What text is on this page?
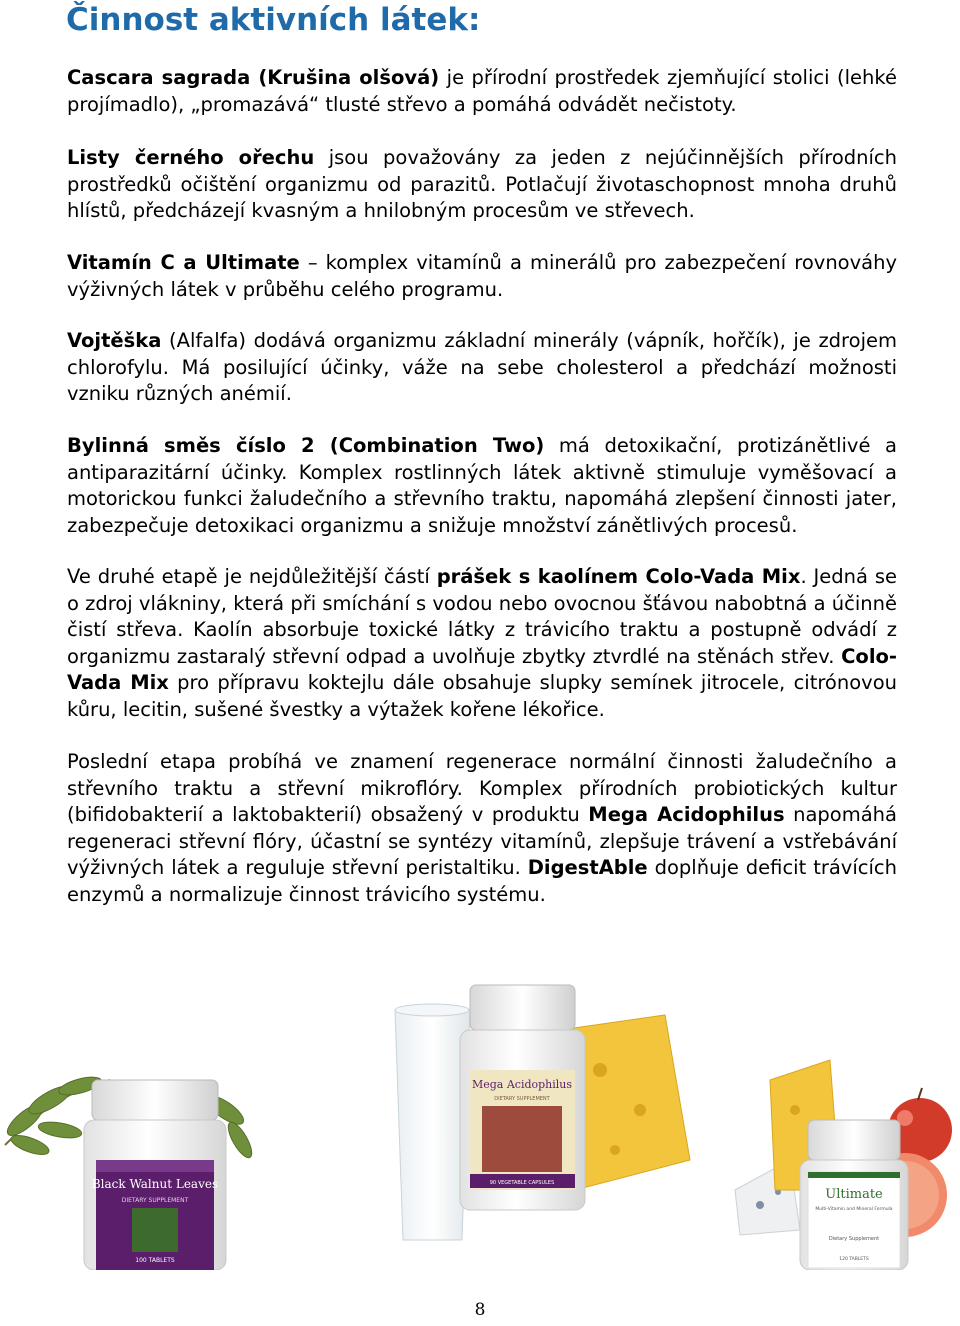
Činnost aktivních látek:

Cascara sagrada (Krušina olšová) je přírodní prostředek zjemňující stolici (lehké projímadlo), „promazává“ tlusté střevo a pomáhá odvádět nečistoty.

Listy černého ořechu jsou považovány za jeden z nejúčinnějších přírodních prostředků očištění organizmu od parazitů. Potlačují životaschopnost mnoha druhů hlístů, předcházejí kvasným a hnilobným procesům ve střevech.

Vitamín C a Ultimate – komplex vitamínů a minerálů pro zabezpečení rovnováhy výživných látek v průběhu celého programu.

Vojtěška (Alfalfa) dodává organizmu základní minerály (vápník, hořčík), je zdrojem chlorofylu. Má posilující účinky, váže na sebe cholesterol a předchází možnosti vzniku různých anémií.

Bylinná směs číslo 2 (Combination Two) má detoxikační, protizánětlivé a antiparazitární účinky. Komplex rostlinných látek aktivně stimuluje vyměšovací a motorickou funkci žaludečního a střevního traktu, napomáhá zlepšení činnosti jater, zabezpečuje detoxikaci organizmu a snižuje množství zánětlivých procesů.

Ve druhé etapě je nejdůležitější částí prášek s kaolínem Colo-Vada Mix. Jedná se o zdroj vlákniny, která při smíchání s vodou nebo ovocnou šťávou nabobtná a účinně čistí střeva. Kaolín absorbuje toxické látky z trávicího traktu a postupně odvádí z organizmu zastaralý střevní odpad a uvolňuje zbytky ztvrdlé na stěnách střev. Colo-Vada Mix pro přípravu koktejlu dále obsahuje slupky semínek jitrocele, citrónovou kůru, lecitin, sušené švestky a výtažek kořene lékořice.

Poslední etapa probíhá ve znamení regenerace normální činnosti žaludečního a střevního traktu a střevní mikroflóry. Komplex přírodních probiotických kultur (bifidobakterií a laktobakterií) obsažený v produktu Mega Acidophilus napomáhá regeneraci střevní flóry, účastní se syntézy vitamínů, zlepšuje trávení a vstřebávání výživných látek a reguluje střevní peristaltiku. DigestAble doplňuje deficit trávících enzymů a normalizuje činnost trávicího systému.

Black Walnut Leaves
DIETARY SUPPLEMENT
100 TABLETS
Mega Acidophilus
DIETARY SUPPLEMENT
90 VEGETABLE CAPSULES
Ultimate
Multi-Vitamin and Mineral Formula
Dietary Supplement
120 TABLETS
8
